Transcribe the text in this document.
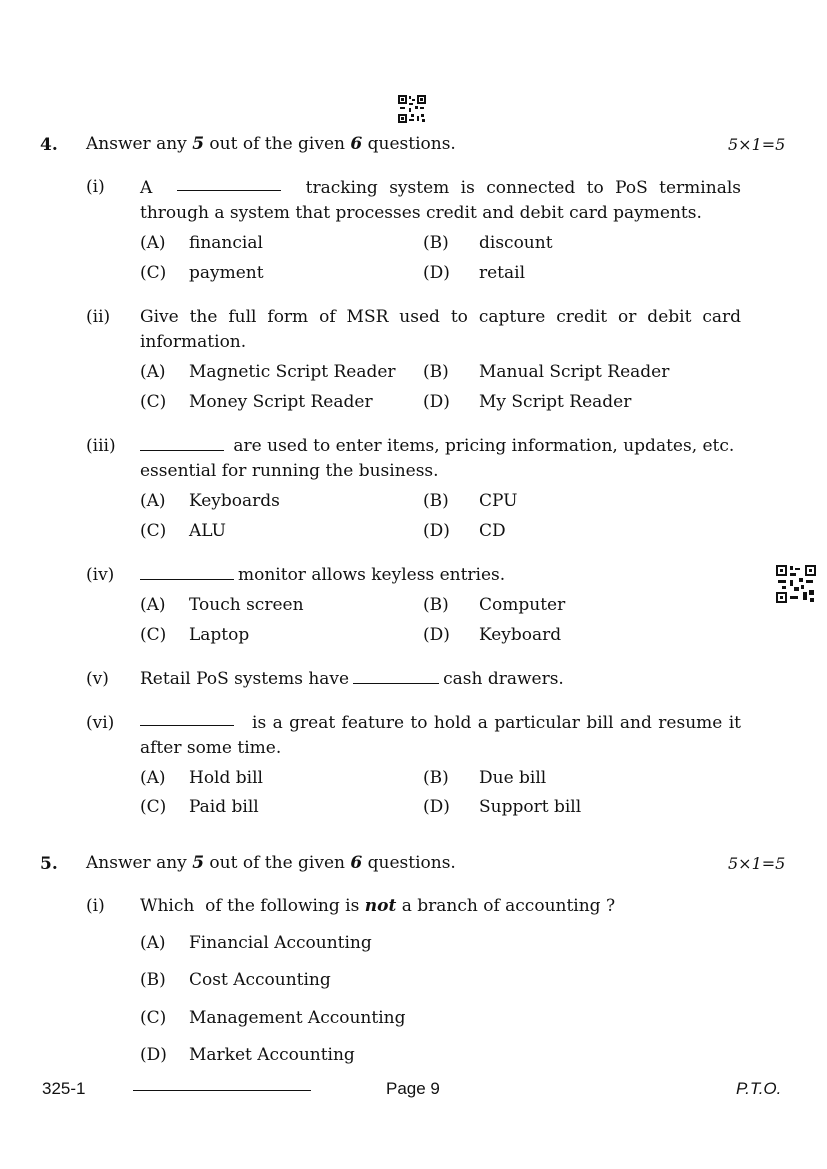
4. Answer any 5 out of the given 6 questions.	5×1=5
(i) A	tracking system is connected to PoS terminals
through a system that processes credit and debit card payments.
(A) financial	(B) discount
(C) payment	(D) retail
(ii) Give the full form of MSR used to capture credit or debit card
information.
(A) Magnetic Script Reader (B) Manual Script Reader
(C) Money Script Reader	(D) My Script Reader
(iii)	are used to enter items, pricing information, updates, etc.
essential for running the business.
(A) Keyboards	(B) CPU
(C) ALU	(D) CD
(iv)	monitor allows keyless entries.
(A) Touch screen	(B) Computer
(C) Laptop	(D) Keyboard
(v) Retail PoS systems have	cash drawers.
(vi)	is a great feature to hold a particular bill and resume it
after some time.
(A) Hold bill	(B) Due bill
(C) Paid bill	(D) Support bill
5. Answer any 5 out of the given 6 questions.	5×1=5
(i) Which  of the following is not a branch of accounting ?
(A) Financial Accounting
(B) Cost Accounting
(C) Management Accounting
(D) Market Accounting
325-1	Page 9	P.T.O.
